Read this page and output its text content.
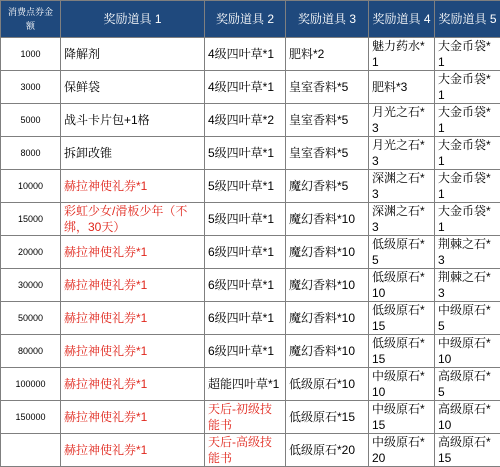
消费点券金额	奖励道具 1	奖励道具 2	奖励道具 3	奖励道具 4	奖励道具 5

1000	降解剂	4级四叶草*1	肥料*2	魅力药水*1	大金币袋*1

3000	保鲜袋	4级四叶草*1	皇室香料*5	肥料*3	大金币袋*1

5000	战斗卡片包+1格	4级四叶草*2	皇室香料*5	月光之石*3	大金币袋*1

8000	拆卸改锥	5级四叶草*1	皇室香料*5	月光之石*3	大金币袋*1

10000	赫拉神使礼券*1	5级四叶草*1	魔幻香料*5	深渊之石*3	大金币袋*1

15000	彩虹少女/滑板少年（不绑，30天）	5级四叶草*1	魔幻香料*10	深渊之石*3	大金币袋*1

20000	赫拉神使礼券*1	6级四叶草*1	魔幻香料*10	低级原石*5	荆棘之石*3

30000	赫拉神使礼券*1	6级四叶草*1	魔幻香料*10	低级原石*10	荆棘之石*3

50000	赫拉神使礼券*1	6级四叶草*1	魔幻香料*10	低级原石*15	中级原石*5

80000	赫拉神使礼券*1	6级四叶草*1	魔幻香料*10	低级原石*15	中级原石*10

100000	赫拉神使礼券*1	超能四叶草*1	低级原石*10	中级原石*10	高级原石*5

150000	赫拉神使礼券*1	天后-初级技能书	低级原石*15	中级原石*15	高级原石*10

	赫拉神使礼券*1	天后-高级技能书	低级原石*20	中级原石*20	高级原石*15
